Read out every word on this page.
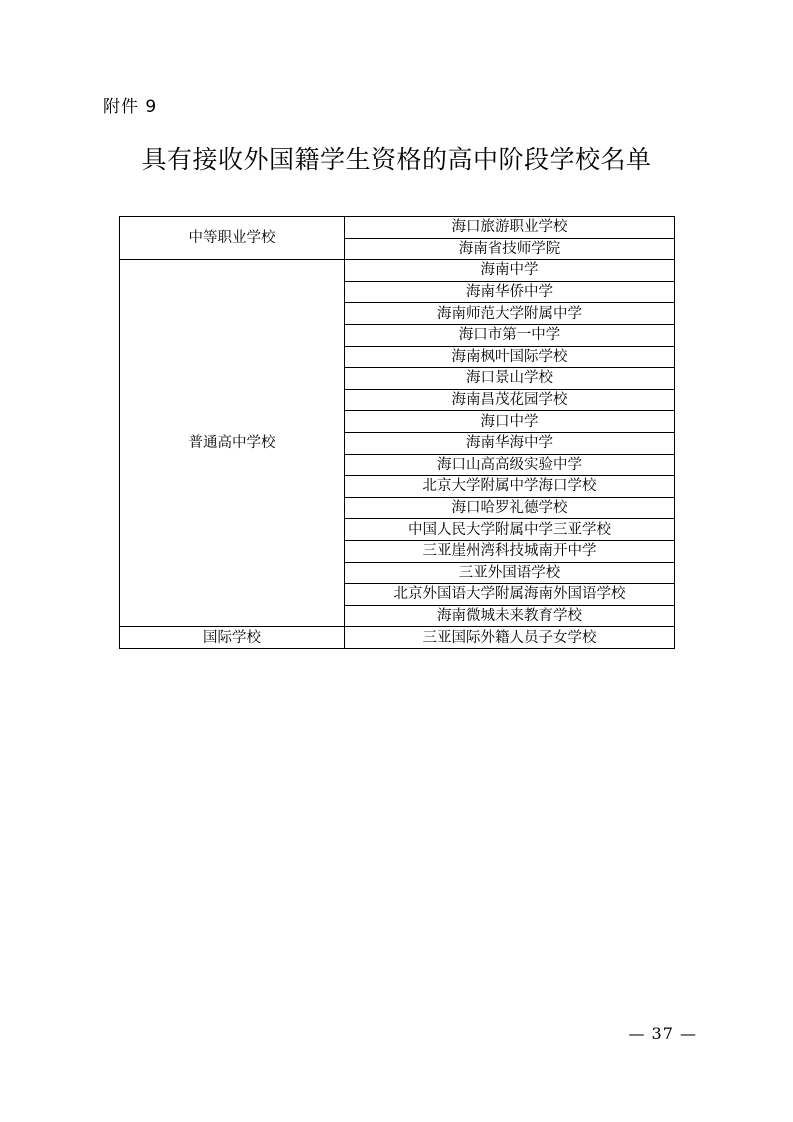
附件 9
具有接收外国籍学生资格的高中阶段学校名单
中等职业学校	海口旅游职业学校
	海南省技师学院
普通高中学校	海南中学
	海南华侨中学
	海南师范大学附属中学
	海口市第一中学
	海南枫叶国际学校
	海口景山学校
	海南昌茂花园学校
	海口中学
	海南华海中学
	海口山高高级实验中学
	北京大学附属中学海口学校
	海口哈罗礼德学校
	中国人民大学附属中学三亚学校
	三亚崖州湾科技城南开中学
	三亚外国语学校
	北京外国语大学附属海南外国语学校
	海南微城未来教育学校
国际学校	三亚国际外籍人员子女学校
— 37 —
